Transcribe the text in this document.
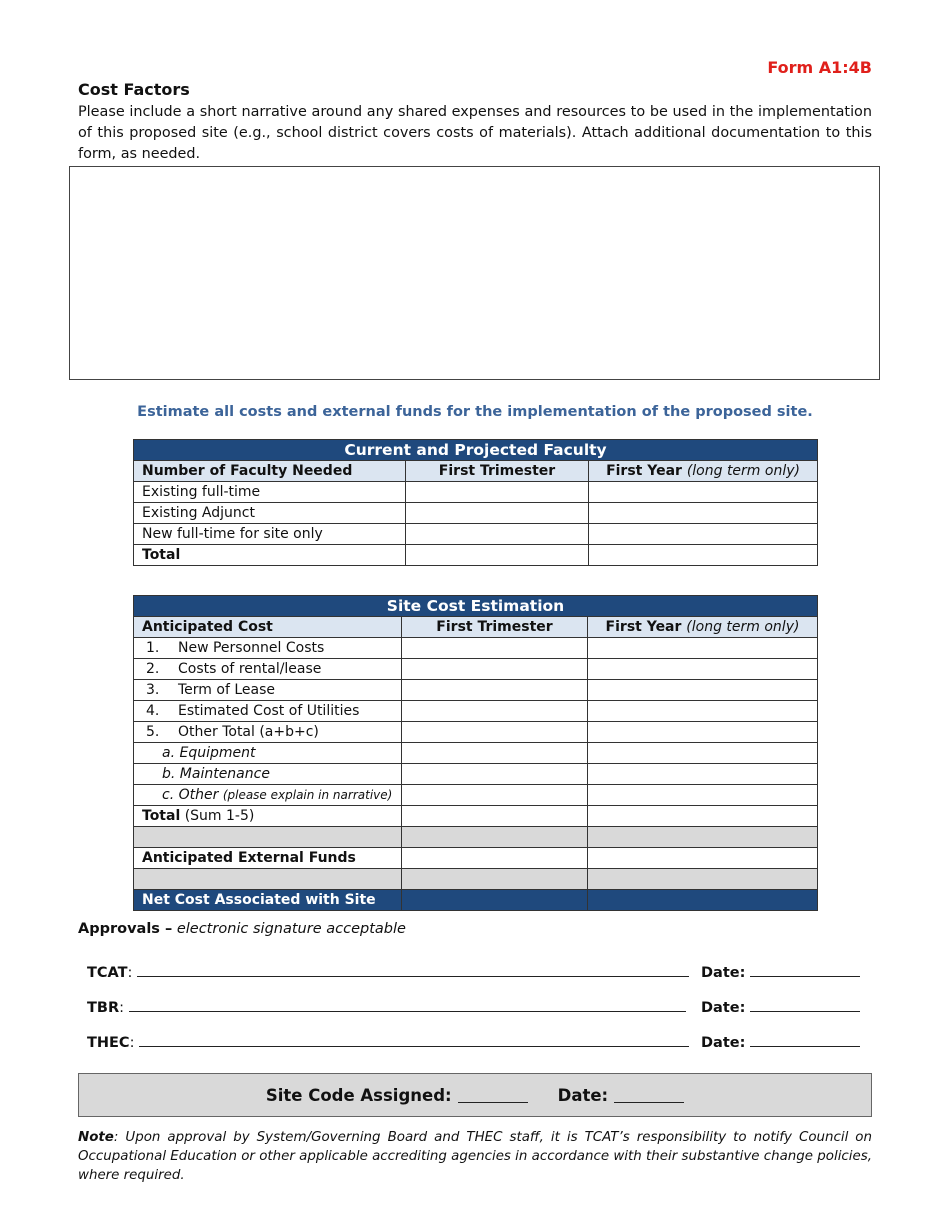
Form A1:4B
Cost Factors
Please include a short narrative around any shared expenses and resources to be used in the implementation of this proposed site (e.g., school district covers costs of materials). Attach additional documentation to this form, as needed.
Estimate all costs and external funds for the implementation of the proposed site.
Current and Projected Faculty		
Number of Faculty Needed	First Trimester	First Year (long term only)
Existing full-time		
Existing Adjunct		
New full-time for site only		
Total		
Site Cost Estimation		
Anticipated Cost	First Trimester	First Year (long term only)
1. New Personnel Costs		
2. Costs of rental/lease		
3. Term of Lease		
4. Estimated Cost of Utilities		
5. Other Total (a+b+c)		
a. Equipment		
b. Maintenance		
c. Other (please explain in narrative)		
Total (Sum 1-5)		

Anticipated External Funds		

Net Cost Associated with Site		
Approvals – electronic signature acceptable
TCAT:	Date:
TBR:	Date:
THEC:	Date:
Site Code Assigned:	Date:
Note: Upon approval by System/Governing Board and THEC staff, it is TCAT’s responsibility to notify Council on Occupational Education or other applicable accrediting agencies in accordance with their substantive change policies, where required.
